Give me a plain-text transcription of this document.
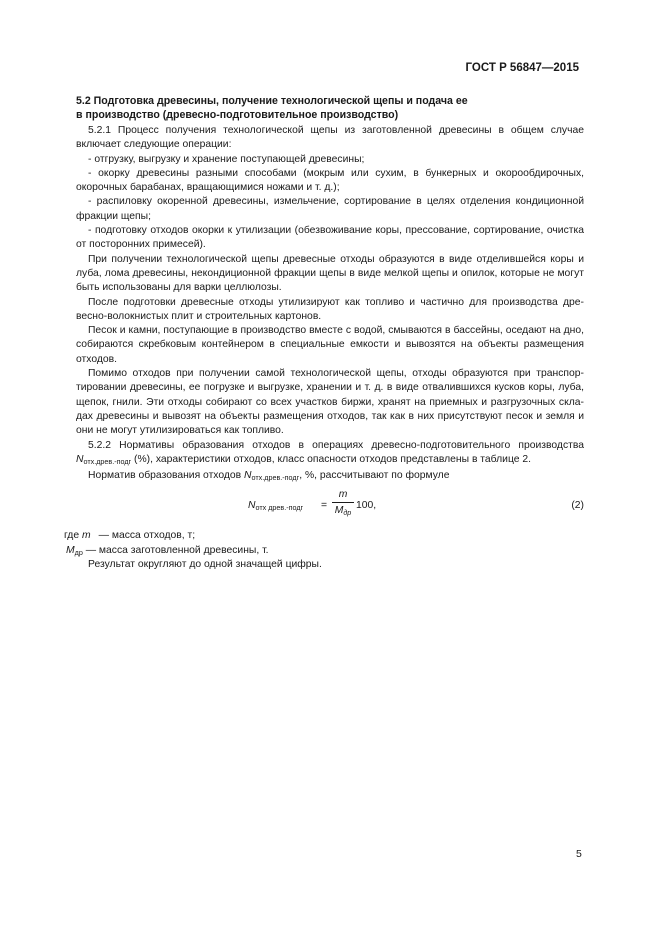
ГОСТ Р 56847—2015
5.2 Подготовка древесины, получение технологической щепы и подача ее
в производство (древесно-подготовительное производство)

5.2.1 Процесс получения технологической щепы из заготовленной древесины в общем случае включает следующие операции:

- отгрузку, выгрузку и хранение поступающей древесины;

- окорку древесины разными способами (мокрым или сухим, в бункерных и окорообдирочных, окорочных барабанах, вращающимися ножами и т. д.);

- распиловку окоренной древесины, измельчение, сортирование в целях отделения кондиционной фракции щепы;

- подготовку отходов окорки к утилизации (обезвоживание коры, прессование, сортирование, очистка от посторонних примесей).

При получении технологической щепы древесные отходы образуются в виде отделившейся коры и луба, лома древесины, некондиционной фракции щепы в виде мелкой щепы и опилок, которые не могут быть использованы для варки целлюлозы.

После подготовки древесные отходы утилизируют как топливо и частично для производства древесно-волокнистых плит и строительных картонов.

Песок и камни, поступающие в производство вместе с водой, смываются в бассейны, оседают на дно, собираются скребковым контейнером в специальные емкости и вывозятся на объекты размещения отходов.

Помимо отходов при получении самой технологической щепы, отходы образуются при транспортировании древесины, ее погрузке и выгрузке, хранении и т. д. в виде отвалившихся кусков коры, луба, щепок, гнили. Эти отходы собирают со всех участков биржи, хранят на приемных и разгрузочных складах древесины и вывозят на объекты размещения отходов, так как в них присутствуют песок и земля и они не могут утилизироваться как топливо.

5.2.2 Нормативы образования отходов в операциях древесно-подготовительного производства $N_{отх.древ.-подг}$ (%), характеристики отходов, класс опасности отходов представлены в таблице 2.

Норматив образования отходов $N_{отх.древ.-подг}$, %, рассчитывают по формуле

$N_{отх древ.-подг}$ =
m
$M_{др}$
100,	(2)
где m — масса отходов, т;
$M_{др}$ — масса заготовленной древесины, т.

Результат округляют до одной значащей цифры.

5
